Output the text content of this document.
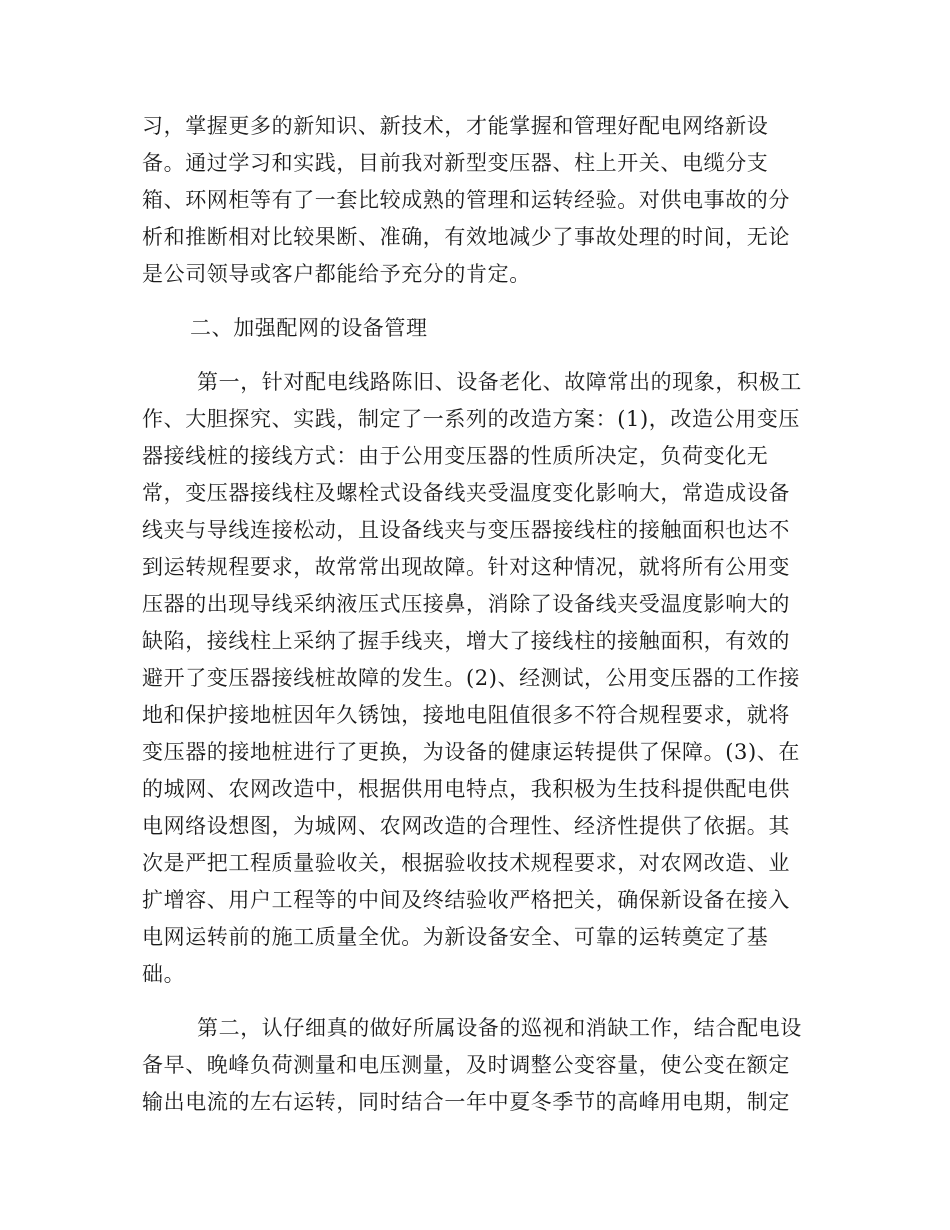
习，掌握更多的新知识、新技术，才能掌握和管理好配电网络新设

备。通过学习和实践，目前我对新型变压器、柱上开关、电缆分支

箱、环网柜等有了一套比较成熟的管理和运转经验。对供电事故的分

析和推断相对比较果断、准确，有效地减少了事故处理的时间，无论

是公司领导或客户都能给予充分的肯定。

二、加强配网的设备管理

第一，针对配电线路陈旧、设备老化、故障常出的现象，积极工

作、大胆探究、实践，制定了一系列的改造方案：(1)，改造公用变压

器接线桩的接线方式：由于公用变压器的性质所决定，负荷变化无

常，变压器接线柱及螺栓式设备线夹受温度变化影响大，常造成设备

线夹与导线连接松动，且设备线夹与变压器接线柱的接触面积也达不

到运转规程要求，故常常出现故障。针对这种情况，就将所有公用变

压器的出现导线采纳液压式压接鼻，消除了设备线夹受温度影响大的

缺陷，接线柱上采纳了握手线夹，增大了接线柱的接触面积，有效的

避开了变压器接线桩故障的发生。(2)、经测试，公用变压器的工作接

地和保护接地桩因年久锈蚀，接地电阻值很多不符合规程要求，就将

变压器的接地桩进行了更换，为设备的健康运转提供了保障。(3)、在

的城网、农网改造中，根据供用电特点，我积极为生技科提供配电供

电网络设想图，为城网、农网改造的合理性、经济性提供了依据。其

次是严把工程质量验收关，根据验收技术规程要求，对农网改造、业

扩增容、用户工程等的中间及终结验收严格把关，确保新设备在接入

电网运转前的施工质量全优。为新设备安全、可靠的运转奠定了基

础。

第二，认仔细真的做好所属设备的巡视和消缺工作，结合配电设

备早、晚峰负荷测量和电压测量，及时调整公变容量，使公变在额定

输出电流的左右运转，同时结合一年中夏冬季节的高峰用电期，制定
